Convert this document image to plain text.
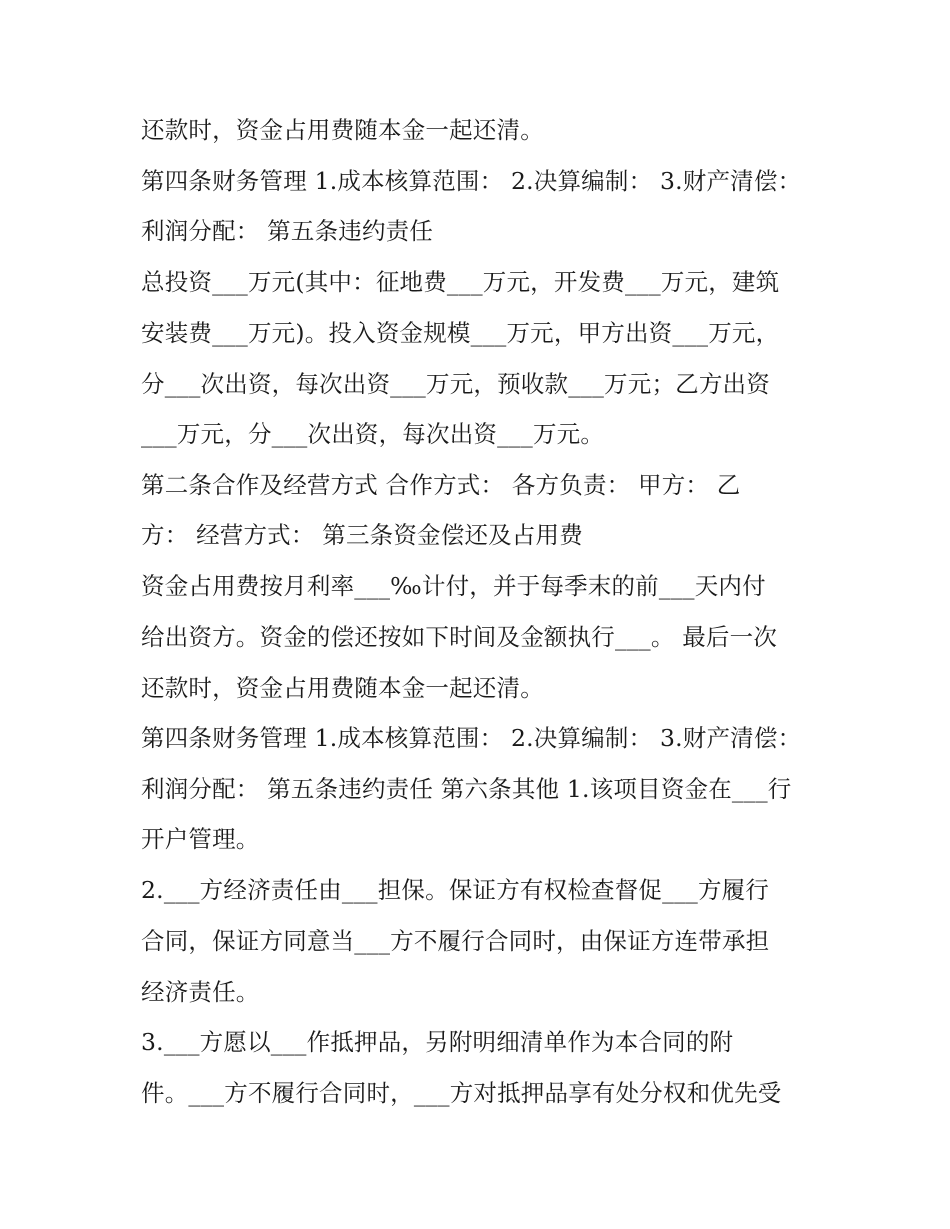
还款时，资金占用费随本金一起还清。
第四条财务管理 1.成本核算范围： 2.决算编制： 3.财产清偿：
利润分配： 第五条违约责任
总投资___万元(其中：征地费___万元，开发费___万元，建筑
安装费___万元)。投入资金规模___万元，甲方出资___万元，
分___次出资，每次出资___万元，预收款___万元；乙方出资
___万元，分___次出资，每次出资___万元。
第二条合作及经营方式 合作方式： 各方负责： 甲方： 乙
方： 经营方式： 第三条资金偿还及占用费
资金占用费按月利率___‰计付，并于每季末的前___天内付
给出资方。资金的偿还按如下时间及金额执行___。 最后一次
还款时，资金占用费随本金一起还清。
第四条财务管理 1.成本核算范围： 2.决算编制： 3.财产清偿：
利润分配： 第五条违约责任 第六条其他 1.该项目资金在___行
开户管理。
2.___方经济责任由___担保。保证方有权检查督促___方履行
合同，保证方同意当___方不履行合同时，由保证方连带承担
经济责任。
3.___方愿以___作抵押品，另附明细清单作为本合同的附
件。___方不履行合同时，___方对抵押品享有处分权和优先受
